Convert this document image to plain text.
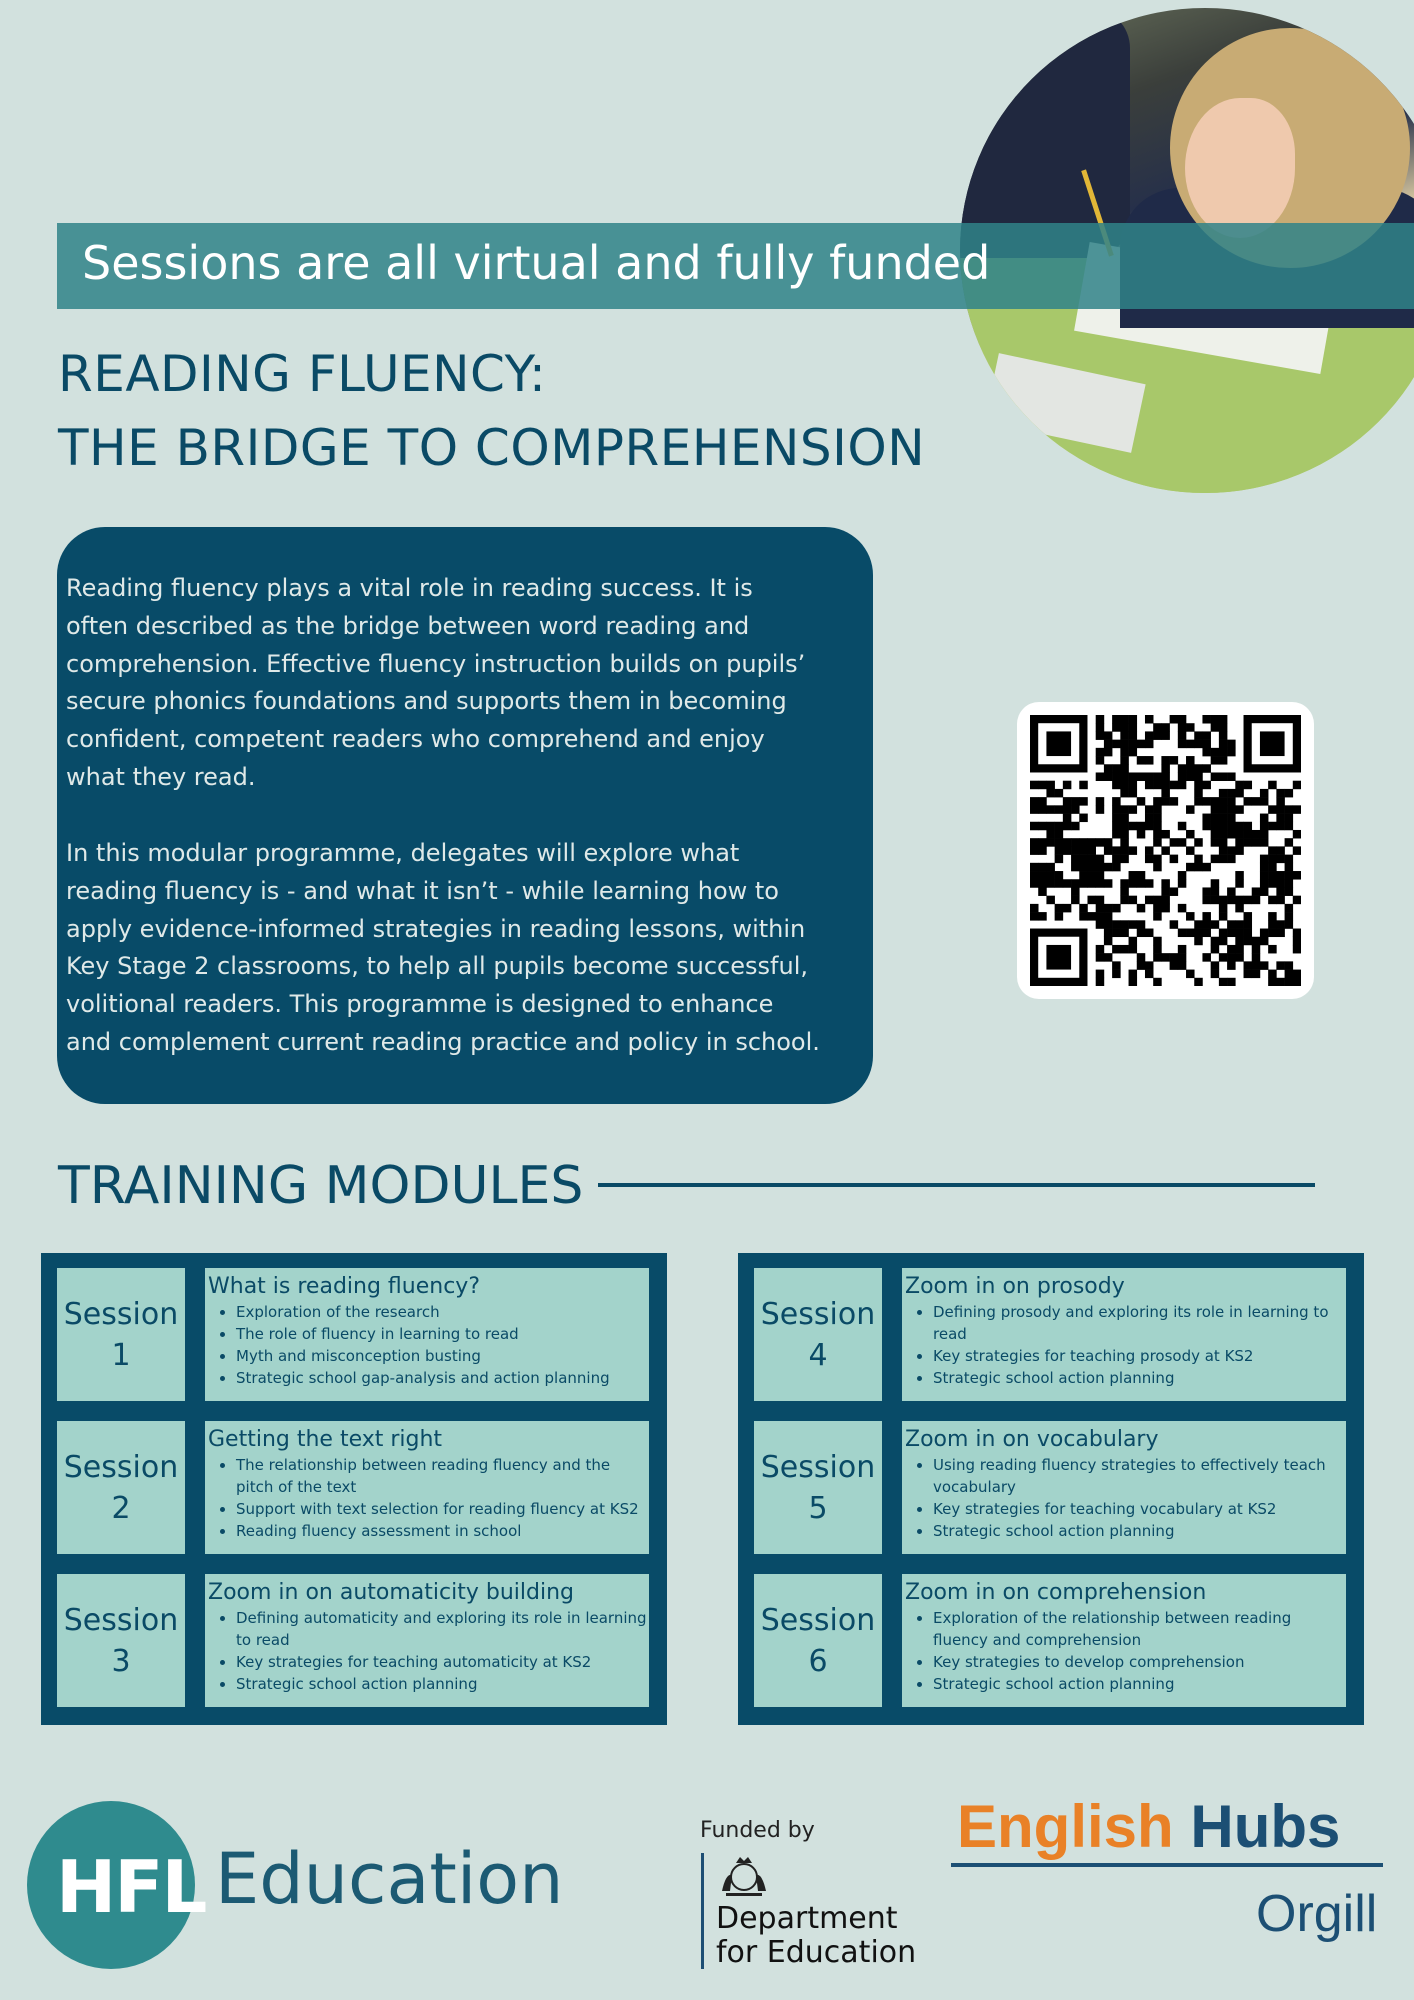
Sessions are all virtual and fully funded
READING FLUENCY:
THE BRIDGE TO COMPREHENSION
Reading fluency plays a vital role in reading success. It is
often described as the bridge between word reading and
comprehension. Effective fluency instruction builds on pupils’
secure phonics foundations and supports them in becoming
confident, competent readers who comprehend and enjoy
what they read.
In this modular programme, delegates will explore what
reading fluency is - and what it isn’t - while learning how to
apply evidence-informed strategies in reading lessons, within
Key Stage 2 classrooms, to help all pupils become successful,
volitional readers. This programme is designed to enhance
and complement current reading practice and policy in school.
TRAINING MODULES
Session
1
What is reading fluency?
• Exploration of the research
• The role of fluency in learning to read
• Myth and misconception busting
• Strategic school gap-analysis and action planning
Session
2
Getting the text right
• The relationship between reading fluency and the pitch of the text
• Support with text selection for reading fluency at KS2
• Reading fluency assessment in school
Session
3
Zoom in on automaticity building
• Defining automaticity and exploring its role in learning to read
• Key strategies for teaching automaticity at KS2
• Strategic school action planning
Session
4
Zoom in on prosody
• Defining prosody and exploring its role in learning to read
• Key strategies for teaching prosody at KS2
• Strategic school action planning
Session
5
Zoom in on vocabulary
• Using reading fluency strategies to effectively teach vocabulary
• Key strategies for teaching vocabulary at KS2
• Strategic school action planning
Session
6
Zoom in on comprehension
• Exploration of the relationship between reading fluency and comprehension
• Key strategies to develop comprehension
• Strategic school action planning
HFL Education
Funded by
Department
for Education
English Hubs
Orgill
